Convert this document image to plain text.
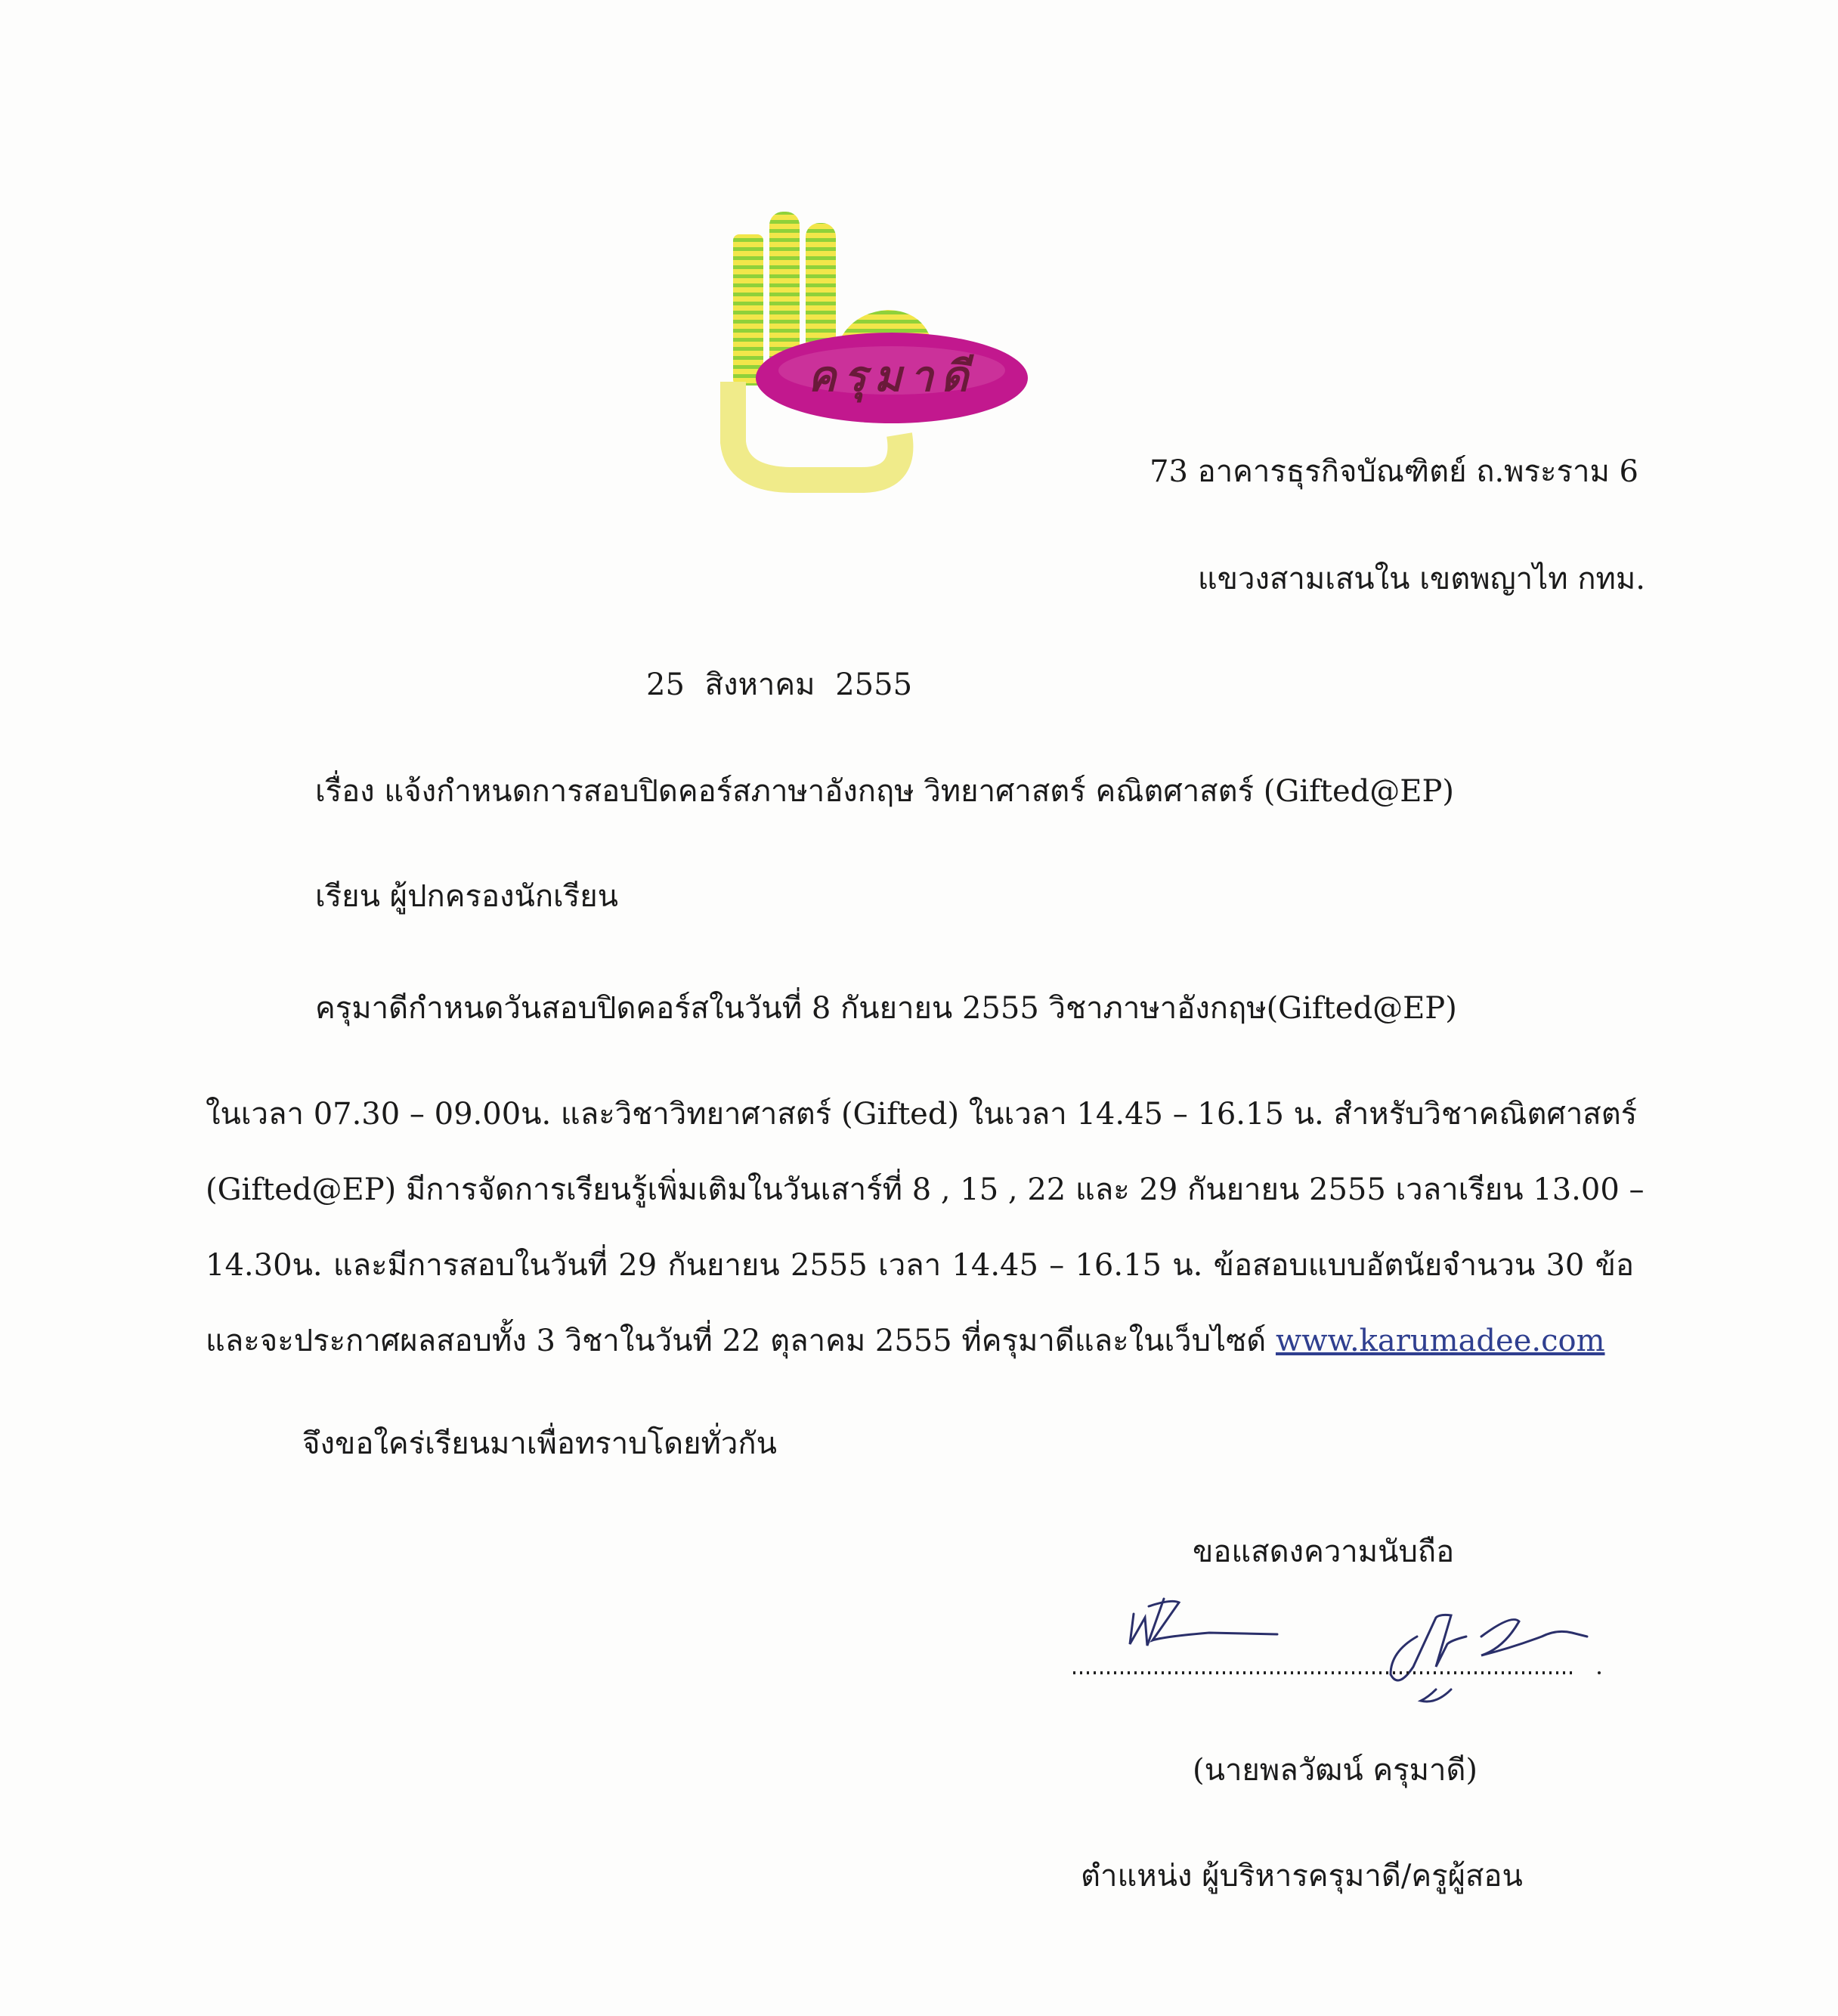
ครุมาดี
73 อาคารธุรกิจบัณฑิตย์ ถ.พระราม 6
แขวงสามเสนใน เขตพญาไท กทม.
25 สิงหาคม 2555
เรื่อง แจ้งกำหนดการสอบปิดคอร์สภาษาอังกฤษ วิทยาศาสตร์ คณิตศาสตร์ (Gifted@EP)
เรียน ผู้ปกครองนักเรียน
ครุมาดีกำหนดวันสอบปิดคอร์สในวันที่ 8 กันยายน 2555 วิชาภาษาอังกฤษ(Gifted@EP)
ในเวลา 07.30 – 09.00น. และวิชาวิทยาศาสตร์ (Gifted) ในเวลา 14.45 – 16.15 น. สำหรับวิชาคณิตศาสตร์
(Gifted@EP) มีการจัดการเรียนรู้เพิ่มเติมในวันเสาร์ที่ 8 , 15 , 22 และ 29 กันยายน 2555 เวลาเรียน 13.00 –
14.30น. และมีการสอบในวันที่ 29 กันยายน 2555 เวลา 14.45 – 16.15 น. ข้อสอบแบบอัตนัยจำนวน 30 ข้อ
และจะประกาศผลสอบทั้ง 3 วิชาในวันที่ 22 ตุลาคม 2555 ที่ครุมาดีและในเว็บไซด์ www.karumadee.com
จึงขอใคร่เรียนมาเพื่อทราบโดยทั่วกัน
ขอแสดงความนับถือ
(นายพลวัฒน์ ครุมาดี)
ตำแหน่ง ผู้บริหารครุมาดี/ครูผู้สอน
